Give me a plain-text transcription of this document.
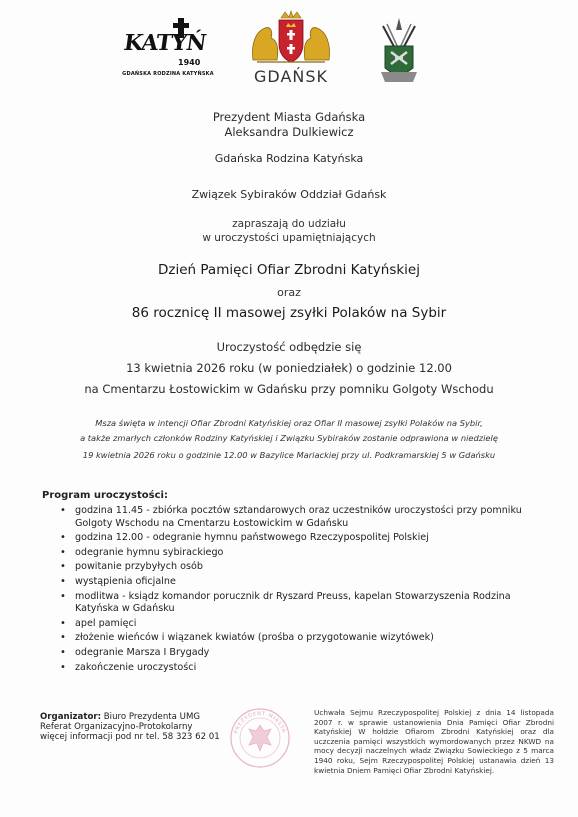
KATYŃ
1940
GDAŃSKA RODZINA KATYŃSKA	GDAŃSK
Prezydent Miasta Gdańska
Aleksandra Dulkiewicz
Gdańska Rodzina Katyńska
Związek Sybiraków Oddział Gdańsk
zapraszają do udziału
w uroczystości upamiętniających
Dzień Pamięci Ofiar Zbrodni Katyńskiej
oraz
86 rocznicę II masowej zsyłki Polaków na Sybir
Uroczystość odbędzie się
13 kwietnia 2026 roku (w poniedziałek) o godzinie 12.00
na Cmentarzu Łostowickim w Gdańsku przy pomniku Golgoty Wschodu
Msza święta w intencji Ofiar Zbrodni Katyńskiej oraz Ofiar II masowej zsyłki Polaków na Sybir,
a także zmarłych członków Rodziny Katyńskiej i Związku Sybiraków zostanie odprawiona w niedzielę
19 kwietnia 2026 roku o godzinie 12.00 w Bazylice Mariackiej przy ul. Podkramarskiej 5 w Gdańsku
Program uroczystości:
• godzina 11.45 - zbiórka pocztów sztandarowych oraz uczestników uroczystości przy pomniku Golgoty Wschodu na Cmentarzu Łostowickim w Gdańsku
• godzina 12.00 - odegranie hymnu państwowego Rzeczypospolitej Polskiej
• odegranie hymnu sybirackiego
• powitanie przybyłych osób
• wystąpienia oficjalne
• modlitwa - ksiądz komandor porucznik dr Ryszard Preuss, kapelan Stowarzyszenia Rodzina Katyńska w Gdańsku
• apel pamięci
• złożenie wieńców i wiązanek kwiatów (prośba o przygotowanie wizytówek)
• odegranie Marsza I Brygady
• zakończenie uroczystości
Organizator: Biuro Prezydenta UMG
Referat Organizacyjno-Protokolarny
więcej informacji pod nr tel. 58 323 62 01
PREZYDENT MIASTA
Uchwała Sejmu Rzeczypospolitej Polskiej z dnia 14 listopada 2007 r. w sprawie ustanowienia Dnia Pamięci Ofiar Zbrodni Katyńskiej W hołdzie Ofiarom Zbrodni Katyńskiej oraz dla uczczenia pamięci wszystkich wymordowanych przez NKWD na mocy decyzji naczelnych władz Związku Sowieckiego z 5 marca 1940 roku, Sejm Rzeczypospolitej Polskiej ustanawia dzień 13 kwietnia Dniem Pamięci Ofiar Zbrodni Katyńskiej.
